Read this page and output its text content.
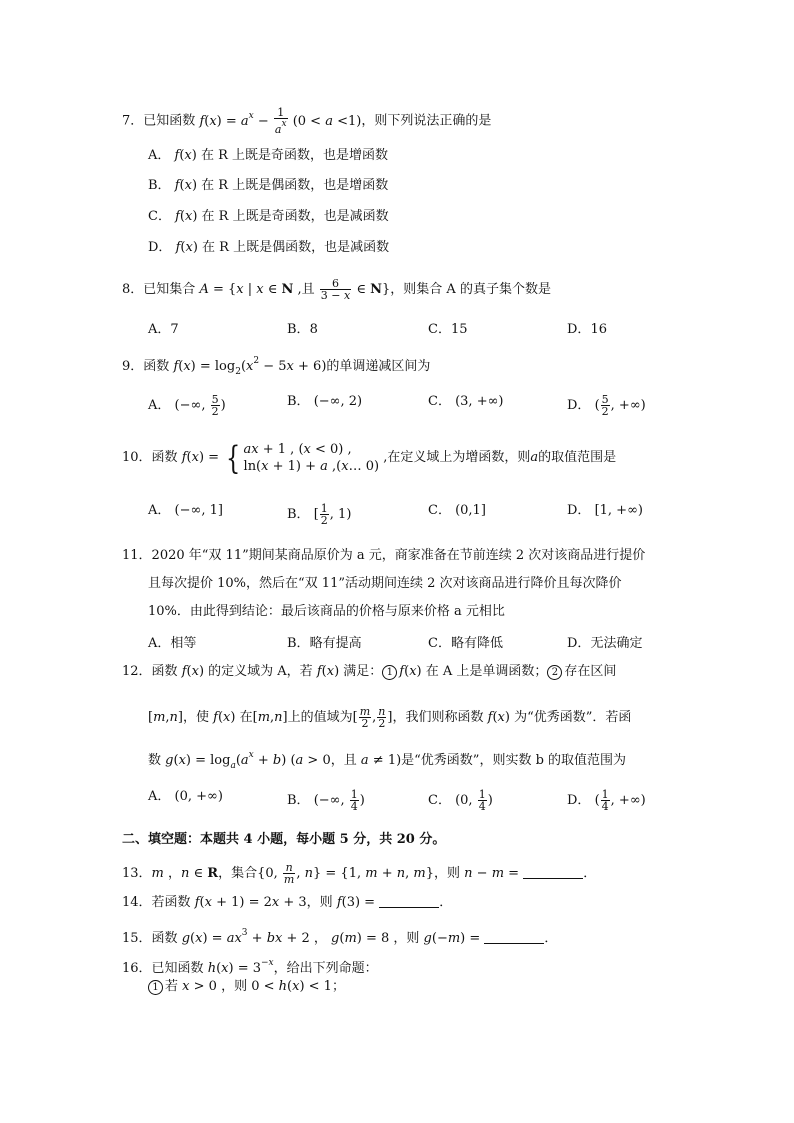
7．已知函数 $f(x) = a^x - \frac{1}{a^x} (0 < a <1)$，则下列说法正确的是
A． f(x) 在 R 上既是奇函数，也是增函数
B． f(x) 在 R 上既是偶函数，也是增函数
C． f(x) 在 R 上既是奇函数，也是减函数
D． f(x) 在 R 上既是偶函数，也是减函数
8．已知集合 A = {x | x ∈ N ,且 $\frac{6}{3 - x}$ ∈ N}，则集合 A 的真子集个数是
A．7	B．8	C．15	D．16
9．函数 $f(x) = \log_2(x^2 - 5x + 6)$的单调递减区间为
A． (−∞, $\frac{5}{2}$ )	B． (−∞, 2)	C． (3, +∞)	D． ( $\frac{5}{2}$ , +∞)
10．函数 f(x) = { ax + 1 , (x < 0) ,
ln(x + 1) + a ,(x… 0)
,在定义域上为增函数，则a的取值范围是
A． (−∞, 1]	B． [ $\frac{1}{2}$ , 1)	C． (0,1]	D． [1, +∞)
11．2020 年“双 11”期间某商品原价为 a 元，商家准备在节前连续 2 次对该商品进行提价
且每次提价 10%，然后在“双 11”活动期间连续 2 次对该商品进行降价且每次降价
10%．由此得到结论：最后该商品的价格与原来价格 a 元相比
A．相等	B．略有提高	C．略有降低	D．无法确定
12．函数 f(x) 的定义域为 A，若 f(x) 满足： 1 f(x) 在 A 上是单调函数； 2 存在区间
[m,n]，使 f(x) 在[m,n]上的值域为[ $\frac{m}{2}$ , $\frac{n}{2}$ ]，我们则称函数 f(x) 为“优秀函数”．若函
数 $g(x) = \log_a(a^x + b) (a > 0$，且 a ≠ 1)是“优秀函数”，则实数 b 的取值范围为
A． (0, +∞)	B． (−∞, $\frac{1}{4}$ )	C． (0, $\frac{1}{4}$ )	D． ( $\frac{1}{4}$ , +∞)
二、填空题：本题共 4 小题，每小题 5 分，共 20 分。
13．m ，n ∈ R，集合{0, $\frac{n}{m}$ , n} = {1, m + n, m}，则 n − m =	．
14．若函数 f(x + 1) = 2x + 3，则 f(3) =	．
15．函数 $g(x) = ax^3$ + bx + 2 ， g(m) = 8 ，则 g(−m) =	．
16．已知函数 $h(x) = 3^{-x}$，给出下列命题：
1 若 x > 0 ，则 0 < h(x) < 1；
